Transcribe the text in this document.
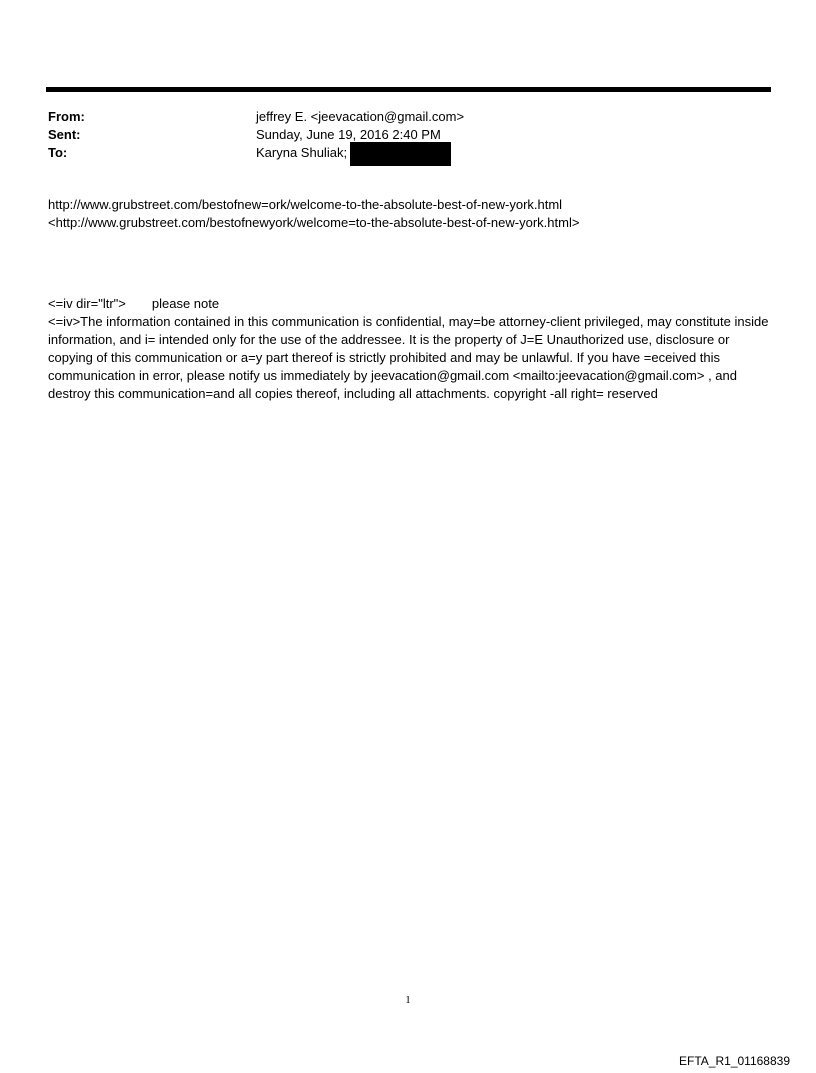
From:	jeffrey E. <jeevacation@gmail.com>
Sent:	Sunday, June 19, 2016 2:40 PM
To:	Karyna Shuliak;
http://www.grubstreet.com/bestofnew=ork/welcome-to-the-absolute-best-of-new-york.html
<http://www.grubstreet.com/bestofnewyork/welcome=to-the-absolute-best-of-new-york.html>
<=iv dir="ltr"> please note
<=iv>The information contained in this communication is confidential, may=be attorney-client privileged, may constitute inside information, and i= intended only for the use of the addressee. It is the property of J=E Unauthorized use, disclosure or copying of this communication or a=y part thereof is strictly prohibited and may be unlawful. If you have =eceived this communication in error, please notify us immediately by jeevacation@gmail.com <mailto:jeevacation@gmail.com> , and destroy this communication=and all copies thereof, including all attachments. copyright -all right= reserved
1
EFTA_R1_01168839
